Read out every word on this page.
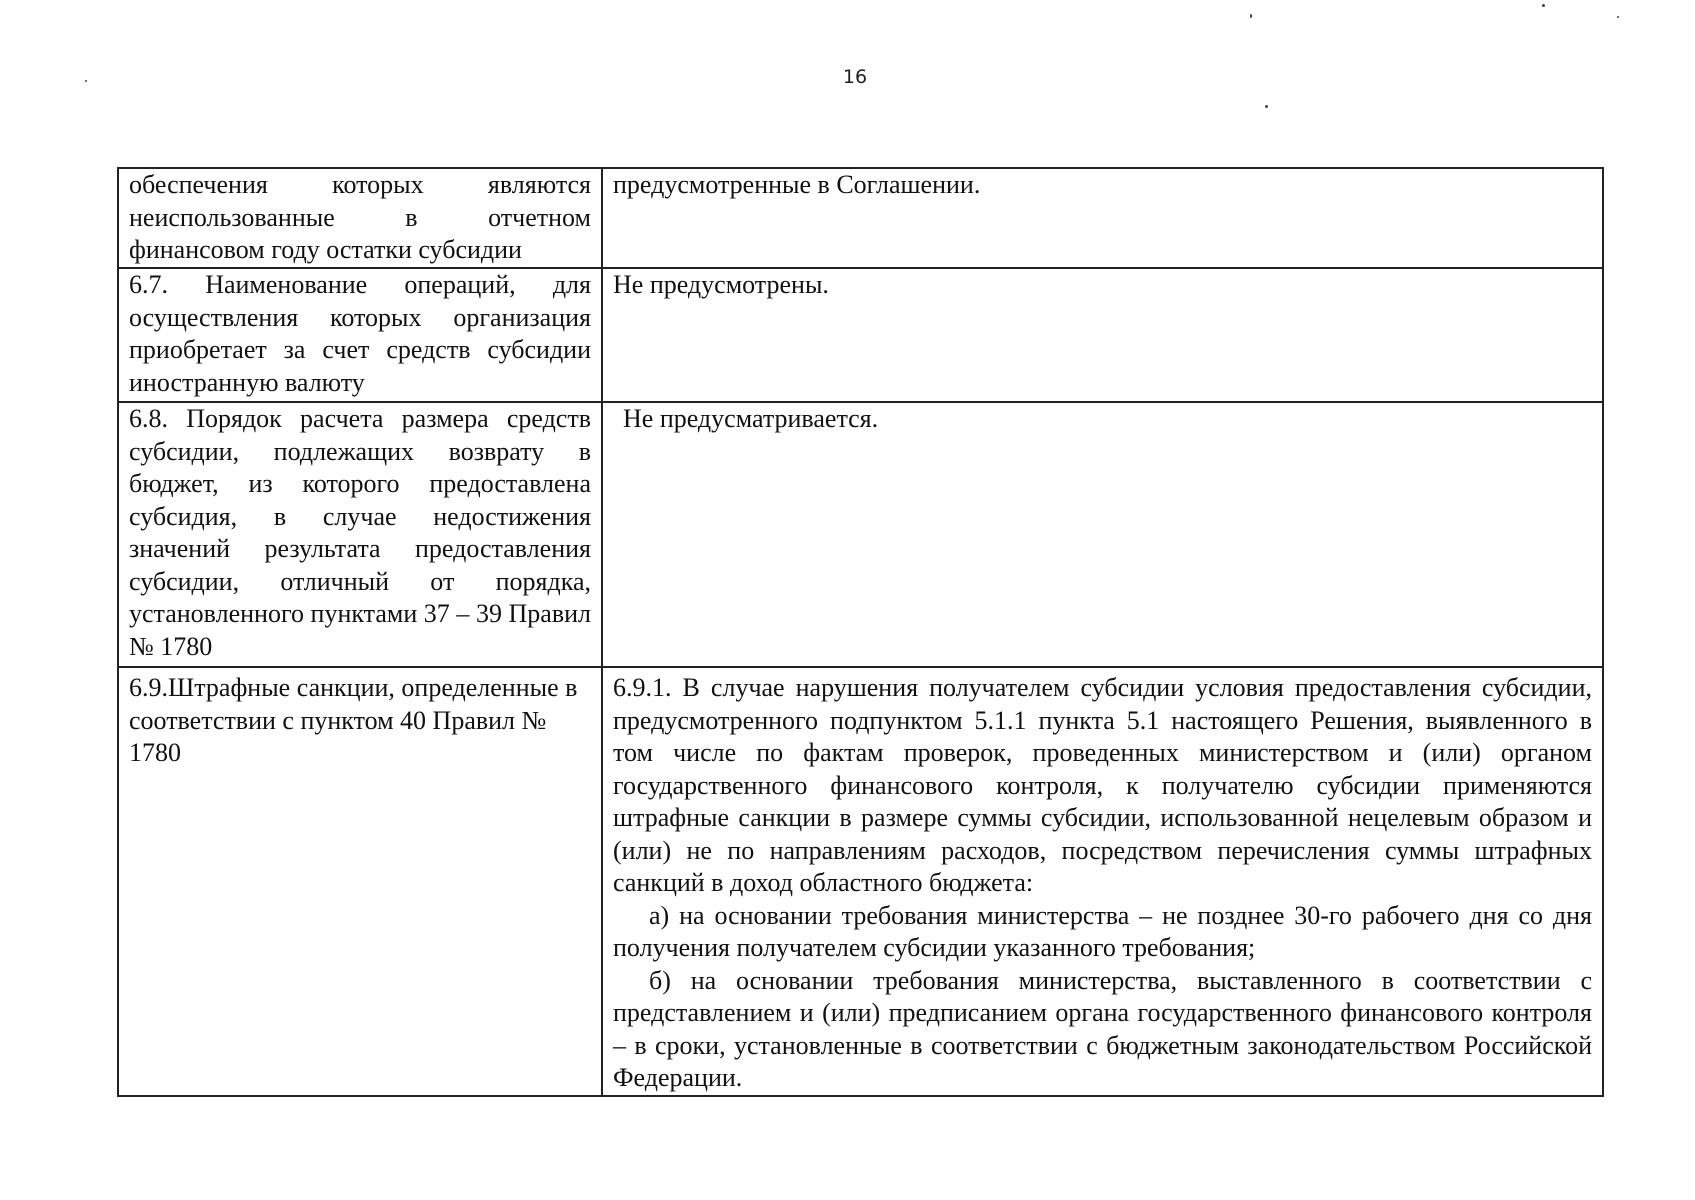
16
обеспечения которых являются неиспользованные в отчетном финансовом году остатки субсидии	предусмотренные в Соглашении.

6.7. Наименование операций, для осуществления которых организация приобретает за счет средств субсидии иностранную валюту	Не предусмотрены.

6.8. Порядок расчета размера средств субсидии, подлежащих возврату в бюджет, из которого предоставлена субсидия, в случае недостижения значений результата предоставления субсидии, отличный от порядка, установленного пунктами 37 – 39 Правил № 1780	Не предусматривается.

6.9.Штрафные санкции, определенные в соответствии с пунктом 40 Правил № 1780	6.9.1. В случае нарушения получателем субсидии условия предоставления субсидии, предусмотренного подпунктом 5.1.1 пункта 5.1 настоящего Решения, выявленного в том числе по фактам проверок, проведенных министерством и (или) органом государственного финансового контроля, к получателю субсидии применяются штрафные санкции в размере суммы субсидии, использованной нецелевым образом и (или) не по направлениям расходов, посредством перечисления суммы штрафных санкций в доход областного бюджета:

а) на основании требования министерства – не позднее 30-го рабочего дня со дня получения получателем субсидии указанного требования;

б) на основании требования министерства, выставленного в соответствии с представлением и (или) предписанием органа государственного финансового контроля – в сроки, установленные в соответствии с бюджетным законодательством Российской Федерации.
